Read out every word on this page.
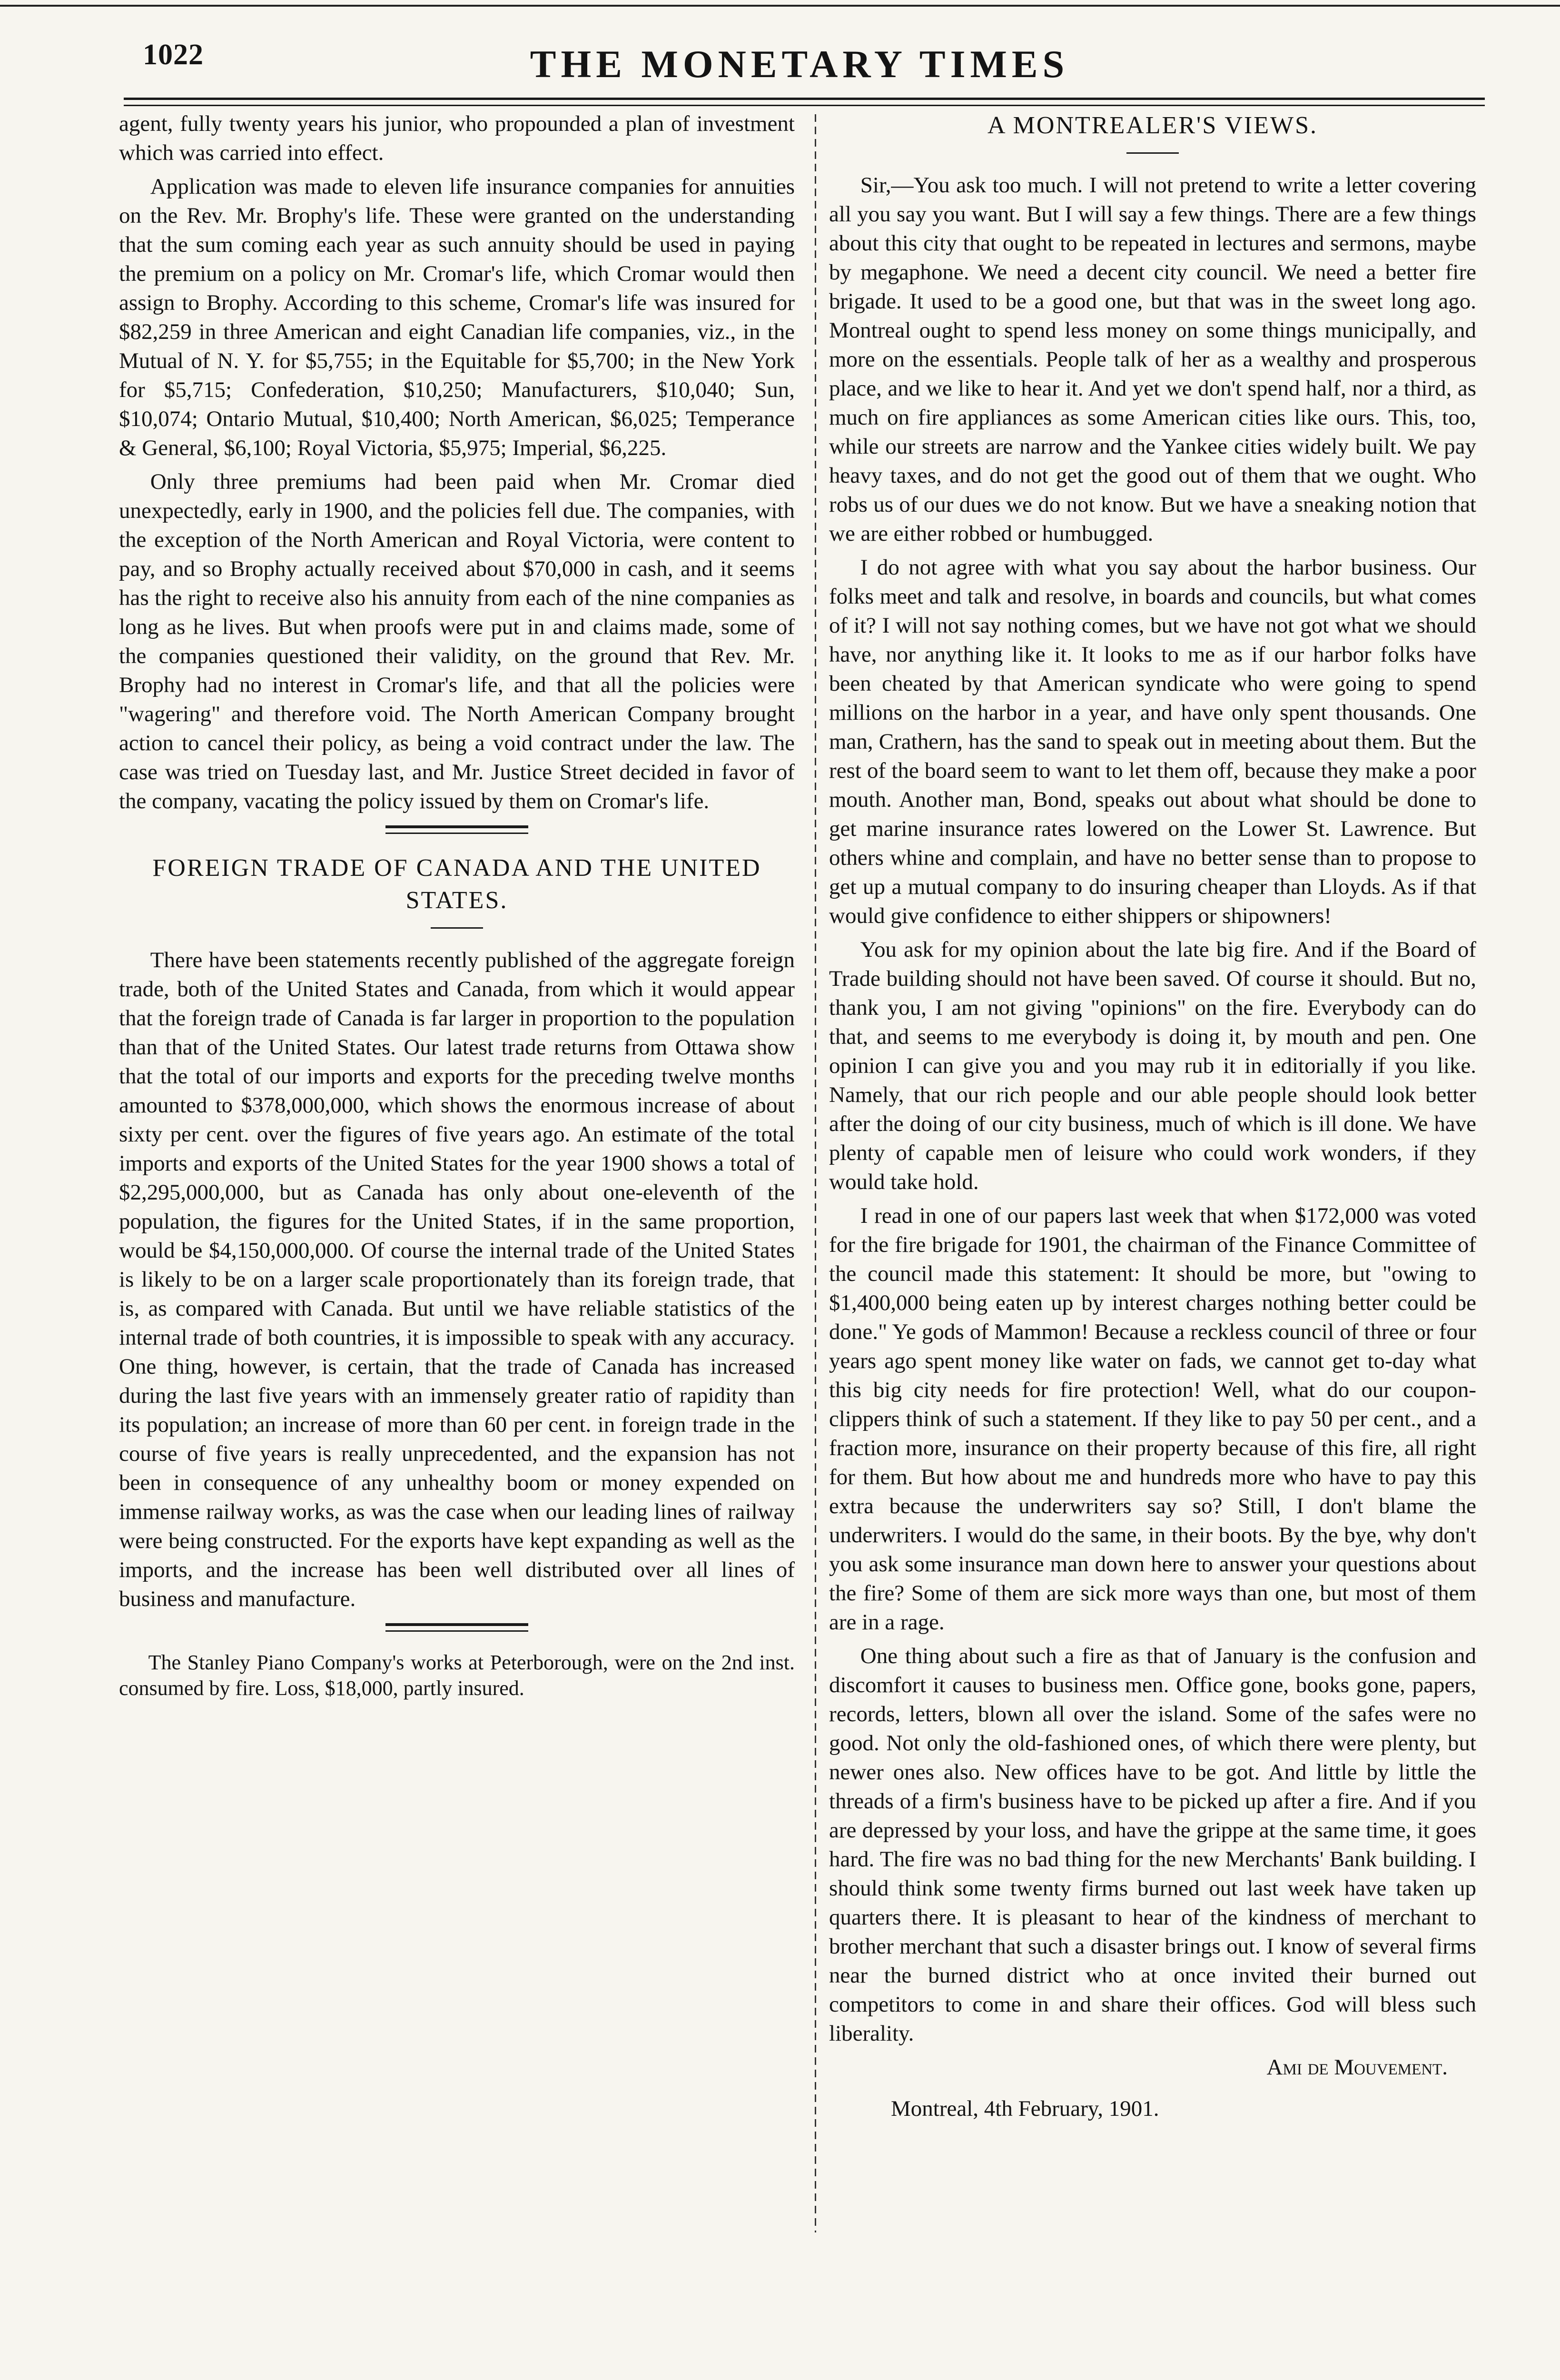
1022	THE MONETARY TIMES

agent, fully twenty years his junior, who propounded a plan of investment which was carried into effect.

Application was made to eleven life insurance companies for annuities on the Rev. Mr. Brophy's life. These were granted on the understanding that the sum coming each year as such annuity should be used in paying the premium on a policy on Mr. Cromar's life, which Cromar would then assign to Brophy. According to this scheme, Cromar's life was insured for $82,259 in three American and eight Canadian life companies, viz., in the Mutual of N. Y. for $5,755; in the Equitable for $5,700; in the New York for $5,715; Confederation, $10,250; Manufacturers, $10,040; Sun, $10,074; Ontario Mutual, $10,400; North American, $6,025; Temperance & General, $6,100; Royal Victoria, $5,975; Imperial, $6,225.

Only three premiums had been paid when Mr. Cromar died unexpectedly, early in 1900, and the policies fell due. The companies, with the exception of the North American and Royal Victoria, were content to pay, and so Brophy actually received about $70,000 in cash, and it seems has the right to receive also his annuity from each of the nine companies as long as he lives. But when proofs were put in and claims made, some of the companies questioned their validity, on the ground that Rev. Mr. Brophy had no interest in Cromar's life, and that all the policies were "wagering" and therefore void. The North American Company brought action to cancel their policy, as being a void contract under the law. The case was tried on Tuesday last, and Mr. Justice Street decided in favor of the company, vacating the policy issued by them on Cromar's life.

FOREIGN TRADE OF CANADA AND THE UNITED STATES.

There have been statements recently published of the aggregate foreign trade, both of the United States and Canada, from which it would appear that the foreign trade of Canada is far larger in proportion to the population than that of the United States. Our latest trade returns from Ottawa show that the total of our imports and exports for the preceding twelve months amounted to $378,000,000, which shows the enormous increase of about sixty per cent. over the figures of five years ago. An estimate of the total imports and exports of the United States for the year 1900 shows a total of $2,295,000,000, but as Canada has only about one-eleventh of the population, the figures for the United States, if in the same proportion, would be $4,150,000,000. Of course the internal trade of the United States is likely to be on a larger scale proportionately than its foreign trade, that is, as compared with Canada. But until we have reliable statistics of the internal trade of both countries, it is impossible to speak with any accuracy. One thing, however, is certain, that the trade of Canada has increased during the last five years with an immensely greater ratio of rapidity than its population; an increase of more than 60 per cent. in foreign trade in the course of five years is really unprecedented, and the expansion has not been in consequence of any unhealthy boom or money expended on immense railway works, as was the case when our leading lines of railway were being constructed. For the exports have kept expanding as well as the imports, and the increase has been well distributed over all lines of business and manufacture.

The Stanley Piano Company's works at Peterborough, were on the 2nd inst. consumed by fire. Loss, $18,000, partly insured.

A MONTREALER'S VIEWS.

Sir,—You ask too much. I will not pretend to write a letter covering all you say you want. But I will say a few things. There are a few things about this city that ought to be repeated in lectures and sermons, maybe by megaphone. We need a decent city council. We need a better fire brigade. It used to be a good one, but that was in the sweet long ago. Montreal ought to spend less money on some things municipally, and more on the essentials. People talk of her as a wealthy and prosperous place, and we like to hear it. And yet we don't spend half, nor a third, as much on fire appliances as some American cities like ours. This, too, while our streets are narrow and the Yankee cities widely built. We pay heavy taxes, and do not get the good out of them that we ought. Who robs us of our dues we do not know. But we have a sneaking notion that we are either robbed or humbugged.

I do not agree with what you say about the harbor business. Our folks meet and talk and resolve, in boards and councils, but what comes of it? I will not say nothing comes, but we have not got what we should have, nor anything like it. It looks to me as if our harbor folks have been cheated by that American syndicate who were going to spend millions on the harbor in a year, and have only spent thousands. One man, Crathern, has the sand to speak out in meeting about them. But the rest of the board seem to want to let them off, because they make a poor mouth. Another man, Bond, speaks out about what should be done to get marine insurance rates lowered on the Lower St. Lawrence. But others whine and complain, and have no better sense than to propose to get up a mutual company to do insuring cheaper than Lloyds. As if that would give confidence to either shippers or shipowners!

You ask for my opinion about the late big fire. And if the Board of Trade building should not have been saved. Of course it should. But no, thank you, I am not giving "opinions" on the fire. Everybody can do that, and seems to me everybody is doing it, by mouth and pen. One opinion I can give you and you may rub it in editorially if you like. Namely, that our rich people and our able people should look better after the doing of our city business, much of which is ill done. We have plenty of capable men of leisure who could work wonders, if they would take hold.

I read in one of our papers last week that when $172,000 was voted for the fire brigade for 1901, the chairman of the Finance Committee of the council made this statement: It should be more, but "owing to $1,400,000 being eaten up by interest charges nothing better could be done." Ye gods of Mammon! Because a reckless council of three or four years ago spent money like water on fads, we cannot get to-day what this big city needs for fire protection! Well, what do our coupon-clippers think of such a statement. If they like to pay 50 per cent., and a fraction more, insurance on their property because of this fire, all right for them. But how about me and hundreds more who have to pay this extra because the underwriters say so? Still, I don't blame the underwriters. I would do the same, in their boots. By the bye, why don't you ask some insurance man down here to answer your questions about the fire? Some of them are sick more ways than one, but most of them are in a rage.

One thing about such a fire as that of January is the confusion and discomfort it causes to business men. Office gone, books gone, papers, records, letters, blown all over the island. Some of the safes were no good. Not only the old-fashioned ones, of which there were plenty, but newer ones also. New offices have to be got. And little by little the threads of a firm's business have to be picked up after a fire. And if you are depressed by your loss, and have the grippe at the same time, it goes hard. The fire was no bad thing for the new Merchants' Bank building. I should think some twenty firms burned out last week have taken up quarters there. It is pleasant to hear of the kindness of merchant to brother merchant that such a disaster brings out. I know of several firms near the burned district who at once invited their burned out competitors to come in and share their offices. God will bless such liberality.

Ami de Mouvement.

Montreal, 4th February, 1901.
